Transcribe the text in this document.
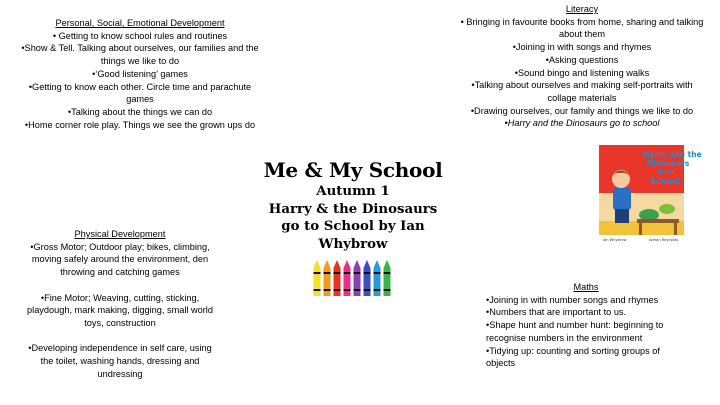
Personal, Social, Emotional Development
• Getting to know school rules and routines
•Show & Tell. Talking about ourselves, our families and the things we like to do
•‘Good listening’ games
•Getting to know each other. Circle time and parachute games
•Talking about the things we can do
•Home corner role play. Things we see the grown ups do
Literacy
• Bringing in favourite books from home, sharing and talking about them
•Joining in with songs and rhymes
•Asking questions
•Sound bingo and listening walks
•Talking about ourselves and making self-portraits with collage materials
•Drawing ourselves, our family and things we like to do
•Harry and the Dinosaurs go to school
Me & My School
Autumn 1
Harry & the Dinosaurs
go to School by Ian
Whybrow
Harry and the
Dinosaurs
Go To
School
Ian Whybrow	Adrian Reynolds
Physical Development
•Gross Motor; Outdoor play; bikes, climbing, moving safely around the environment, den throwing and catching games
•Fine Motor; Weaving, cutting, sticking, playdough, mark making, digging, small world toys, construction
•Developing independence in self care, using the toilet, washing hands, dressing and undressing
Maths
•Joining in with number songs and rhymes
•Numbers that are important to us.
•Shape hunt and number hunt: beginning to recognise numbers in the environment
•Tidying up: counting and sorting groups of objects
